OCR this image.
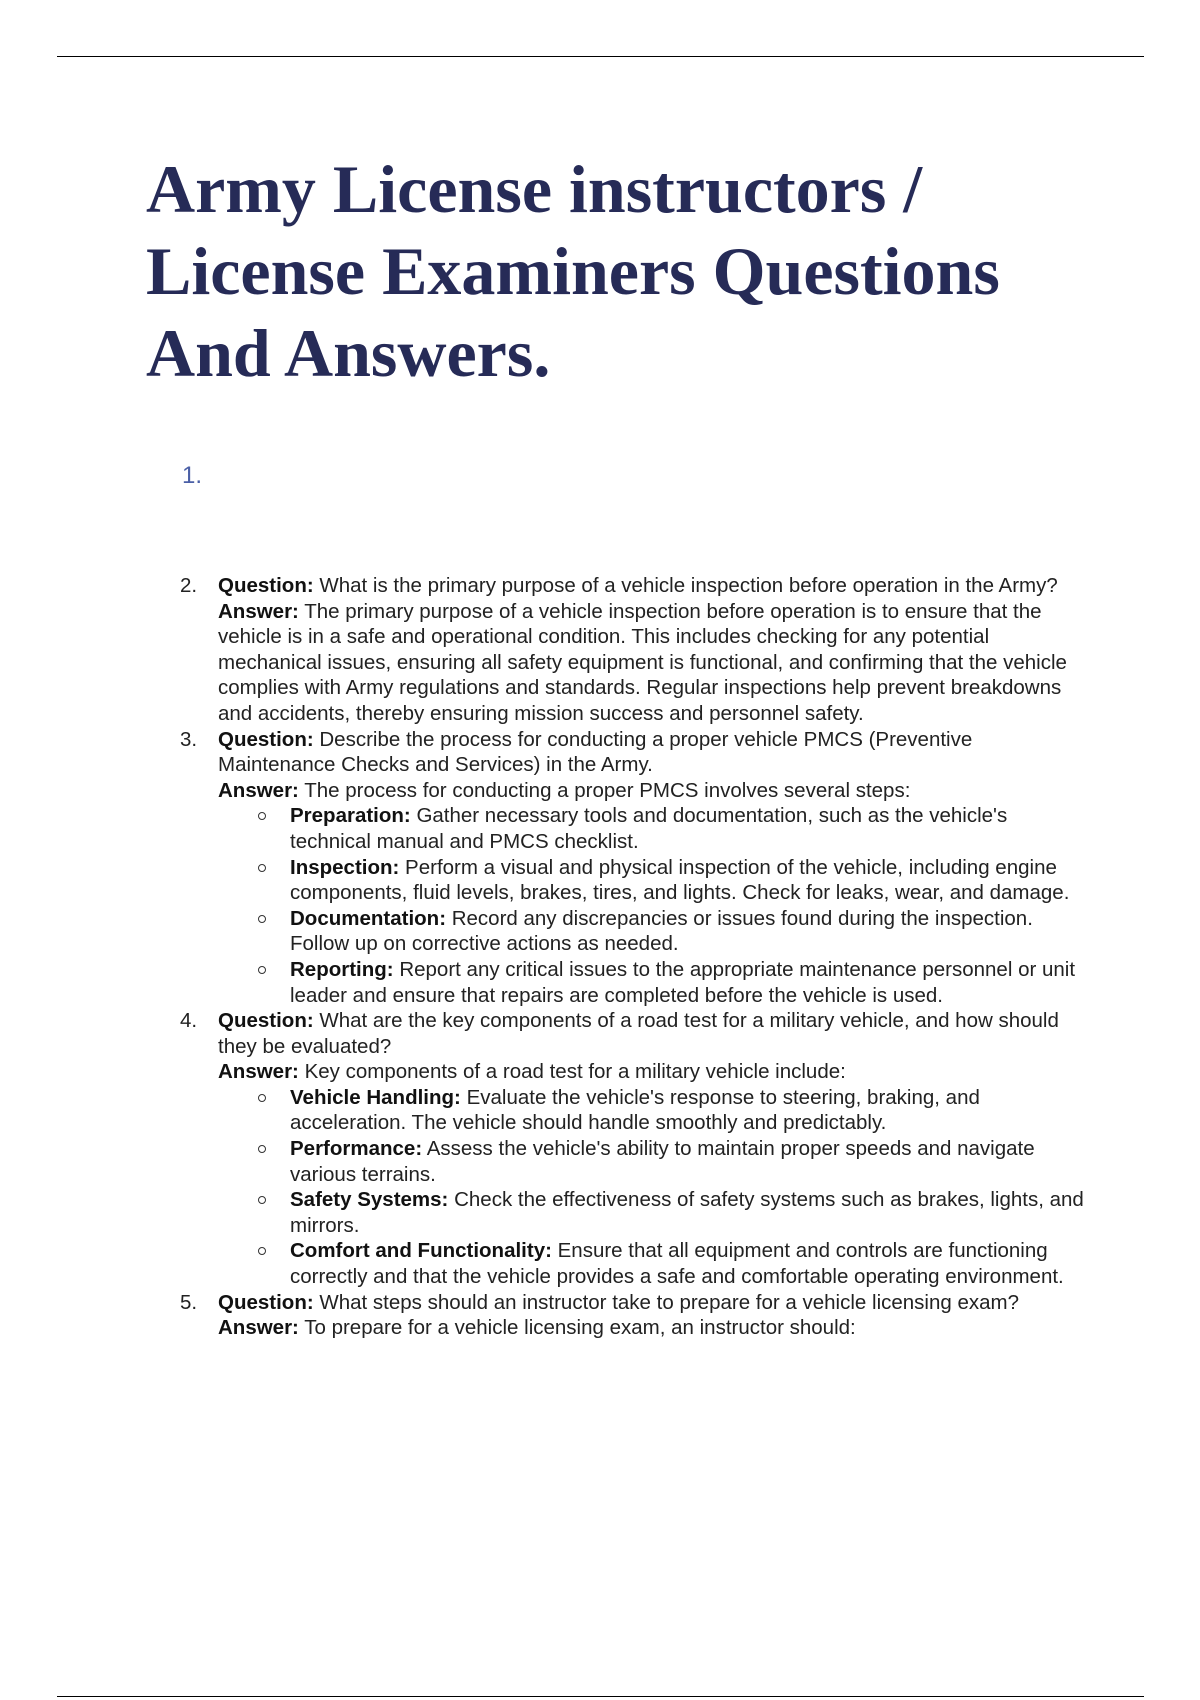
Army License instructors / License Examiners Questions And Answers.
1.
2. Question: What is the primary purpose of a vehicle inspection before operation in the Army?
Answer: The primary purpose of a vehicle inspection before operation is to ensure that the vehicle is in a safe and operational condition. This includes checking for any potential mechanical issues, ensuring all safety equipment is functional, and confirming that the vehicle complies with Army regulations and standards. Regular inspections help prevent breakdowns and accidents, thereby ensuring mission success and personnel safety.
3. Question: Describe the process for conducting a proper vehicle PMCS (Preventive Maintenance Checks and Services) in the Army.
Answer: The process for conducting a proper PMCS involves several steps:
Preparation: Gather necessary tools and documentation, such as the vehicle's technical manual and PMCS checklist.
Inspection: Perform a visual and physical inspection of the vehicle, including engine components, fluid levels, brakes, tires, and lights. Check for leaks, wear, and damage.
Documentation: Record any discrepancies or issues found during the inspection. Follow up on corrective actions as needed.
Reporting: Report any critical issues to the appropriate maintenance personnel or unit leader and ensure that repairs are completed before the vehicle is used.
4. Question: What are the key components of a road test for a military vehicle, and how should they be evaluated?
Answer: Key components of a road test for a military vehicle include:
Vehicle Handling: Evaluate the vehicle's response to steering, braking, and acceleration. The vehicle should handle smoothly and predictably.
Performance: Assess the vehicle's ability to maintain proper speeds and navigate various terrains.
Safety Systems: Check the effectiveness of safety systems such as brakes, lights, and mirrors.
Comfort and Functionality: Ensure that all equipment and controls are functioning correctly and that the vehicle provides a safe and comfortable operating environment.
5. Question: What steps should an instructor take to prepare for a vehicle licensing exam?
Answer: To prepare for a vehicle licensing exam, an instructor should:
